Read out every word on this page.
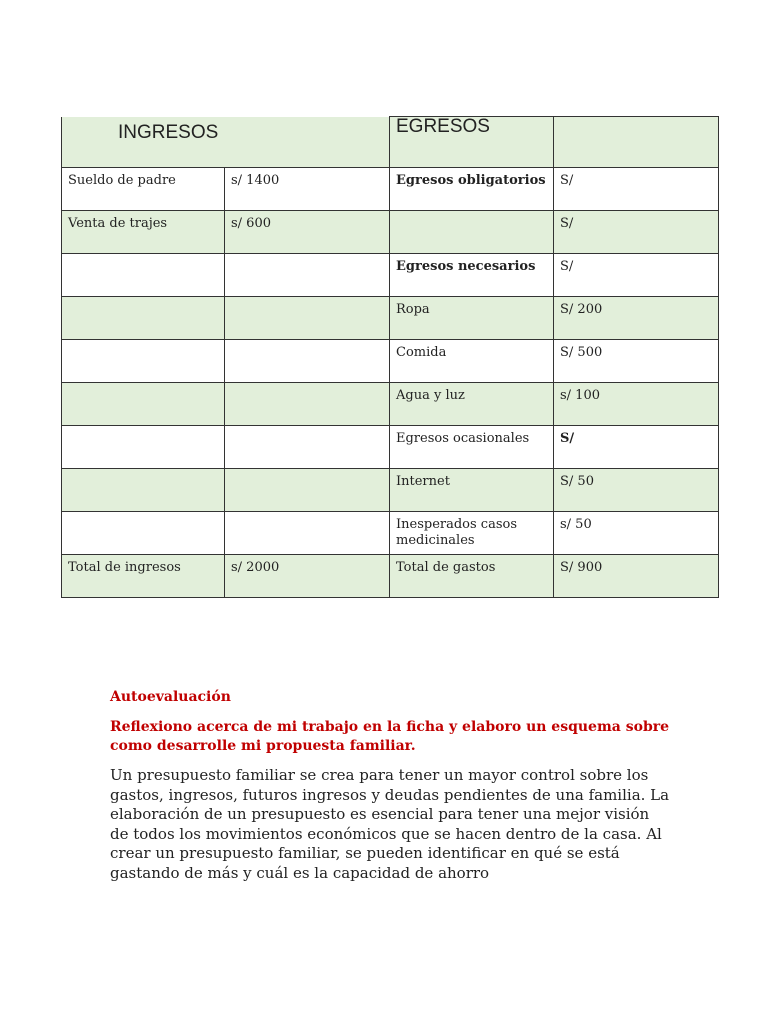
INGRESOS		EGRESOS	
Sueldo de padre	s/ 1400	Egresos obligatorios	S/
Venta de trajes	s/ 600		S/
		Egresos necesarios	S/
		Ropa	S/ 200
		Comida	S/ 500
		Agua y luz	s/ 100
		Egresos ocasionales	S/
		Internet	S/ 50
		Inesperados casos medicinales	s/ 50
Total de ingresos	s/ 2000	Total de gastos	S/ 900
Autoevaluación
Reflexiono acerca de mi trabajo en la ficha y elaboro un esquema sobre como desarrolle mi propuesta familiar.
Un presupuesto familiar se crea para tener un mayor control sobre los gastos, ingresos, futuros ingresos y deudas pendientes de una familia. La elaboración de un presupuesto es esencial para tener una mejor visión de todos los movimientos económicos que se hacen dentro de la casa. Al crear un presupuesto familiar, se pueden identificar en qué se está gastando de más y cuál es la capacidad de ahorro
